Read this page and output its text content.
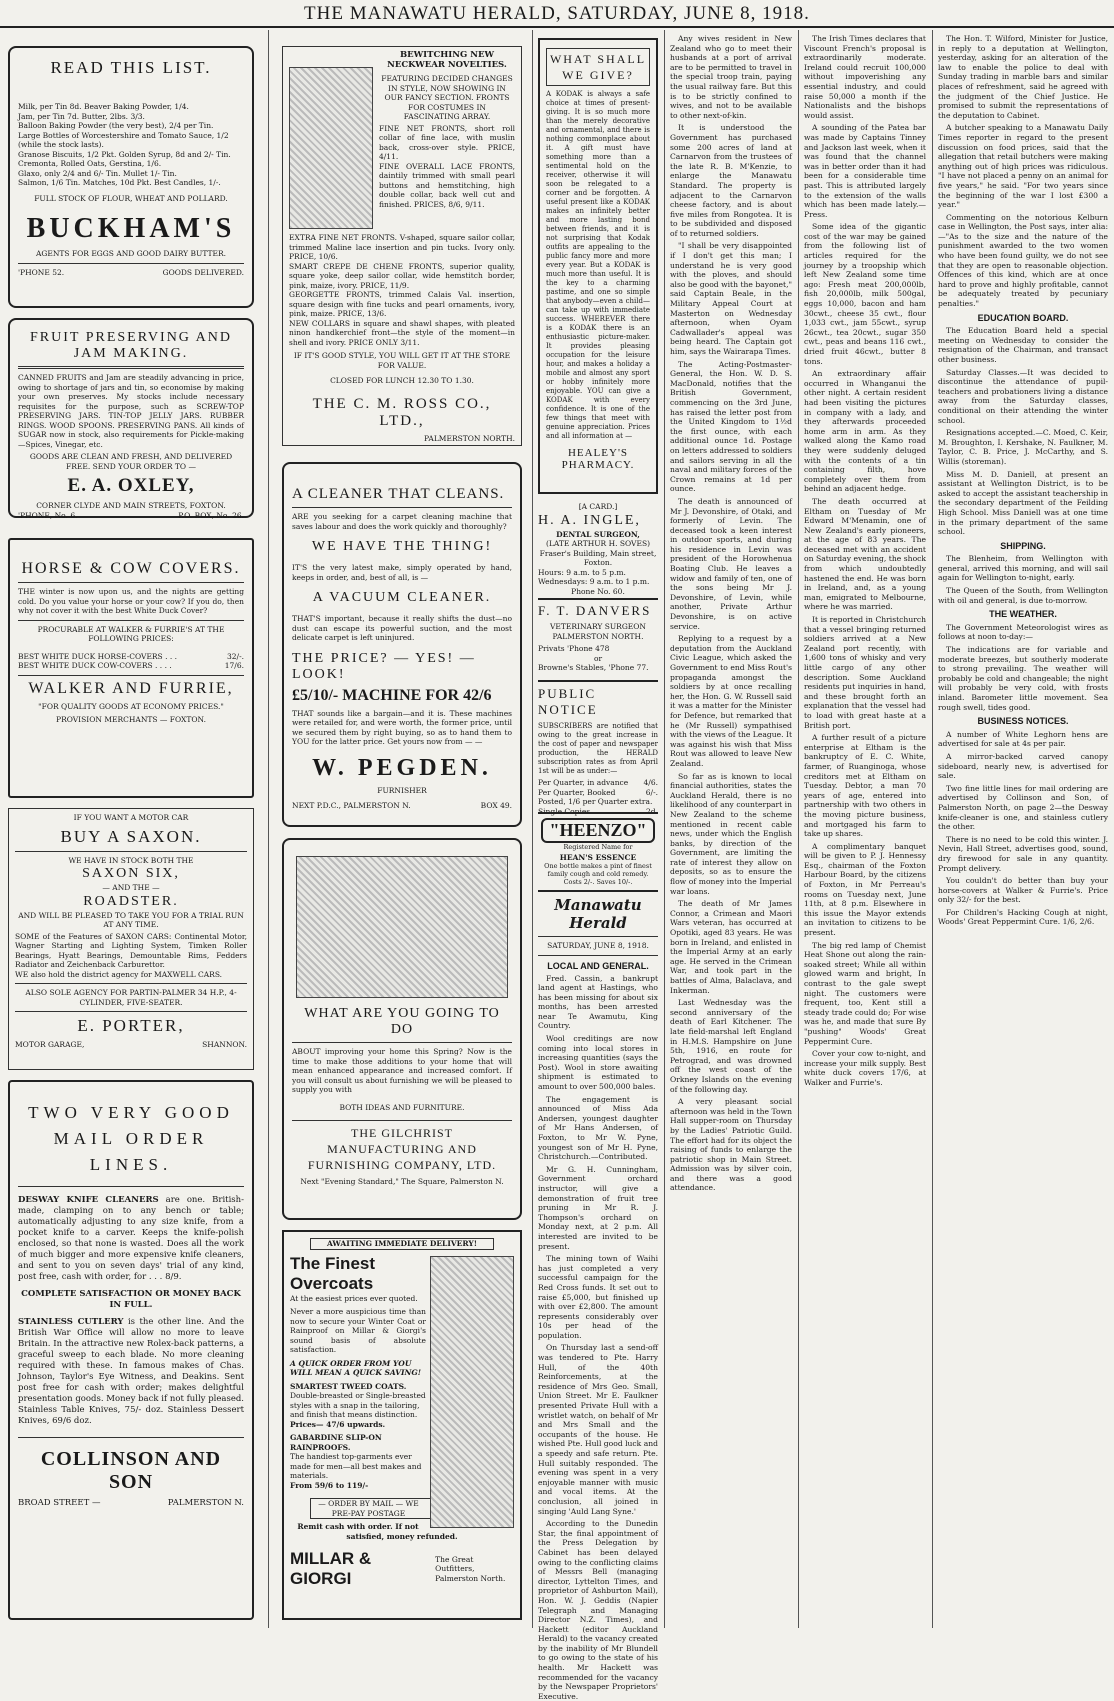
THE MANAWATU HERALD, SATURDAY, JUNE 8, 1918.
READ THIS LIST.
Milk, per Tin 8d. Beaver Baking Powder, 1/4.
Jam, per Tin 7d. Butter, 2lbs. 3/3.
Balloon Baking Powder (the very best), 2/4 per Tin.
Large Bottles of Worcestershire and Tomato Sauce, 1/2 (while the stock lasts).
Granose Biscuits, 1/2 Pkt. Golden Syrup, 8d and 2/- Tin.
Cremonta, Rolled Oats, Gerstina, 1/6.
Glaxo, only 2/4 and 6/- Tin. Mullet 1/- Tin.
Salmon, 1/6 Tin. Matches, 10d Pkt. Best Candles, 1/-.
FULL STOCK OF FLOUR, WHEAT AND POLLARD.
BUCKHAM'S
AGENTS FOR EGGS AND GOOD DAIRY BUTTER.
'PHONE 52.	GOODS DELIVERED.
FRUIT PRESERVING AND JAM MAKING.
CANNED FRUITS and Jam are steadily advancing in price, owing to shortage of jars and tin, so economise by making your own preserves. My stocks include necessary requisites for the purpose, such as SCREW-TOP PRESERVING JARS. TIN-TOP JELLY JARS. RUBBER RINGS. WOOD SPOONS. PRESERVING PANS. All kinds of SUGAR now in stock, also requirements for Pickle-making—Spices, Vinegar, etc.
GOODS ARE CLEAN AND FRESH, AND DELIVERED FREE. SEND YOUR ORDER TO —
E. A. OXLEY,
CORNER CLYDE AND MAIN STREETS, FOXTON.
'PHONE, No. 6.	P.O. BOX, No. 26.
HORSE & COW COVERS.
THE winter is now upon us, and the nights are getting cold. Do you value your horse or your cow? If you do, then why not cover it with the best White Duck Cover?
PROCURABLE AT WALKER & FURRIE'S AT THE FOLLOWING PRICES:
BEST WHITE DUCK HORSE-COVERS . . .	32/-.
BEST WHITE DUCK COW-COVERS . . . .	17/6.
WALKER AND FURRIE,
"FOR QUALITY GOODS AT ECONOMY PRICES."
PROVISION MERCHANTS — FOXTON.
IF YOU WANT A MOTOR CAR
BUY A SAXON.
WE HAVE IN STOCK BOTH THE
SAXON SIX,
— AND THE —
ROADSTER.
AND WILL BE PLEASED TO TAKE YOU FOR A TRIAL RUN AT ANY TIME.
SOME of the Features of SAXON CARS: Continental Motor, Wagner Starting and Lighting System, Timken Roller Bearings, Hyatt Bearings, Demountable Rims, Fedders Radiator and Zeichenback Carburettor.
WE also hold the district agency for MAXWELL CARS.
ALSO SOLE AGENCY FOR PARTIN-PALMER 34 H.P., 4-CYLINDER, FIVE-SEATER.
E. PORTER,
MOTOR GARAGE,	SHANNON.
TWO VERY GOOD MAIL ORDER LINES.
DESWAY KNIFE CLEANERS are one. British-made, clamping on to any bench or table; automatically adjusting to any size knife, from a pocket knife to a carver. Keeps the knife-polish enclosed, so that none is wasted. Does all the work of much bigger and more expensive knife cleaners, and sent to you on seven days' trial of any kind, post free, cash with order, for . . . 8/9.
COMPLETE SATISFACTION OR MONEY BACK IN FULL.
STAINLESS CUTLERY is the other line. And the British War Office will allow no more to leave Britain. In the attractive new Rolex-back patterns, a graceful sweep to each blade. No more cleaning required with these. In famous makes of Chas. Johnson, Taylor's Eye Witness, and Deakins. Sent post free for cash with order; makes delightful presentation goods. Money back if not fully pleased. Stainless Table Knives, 75/- doz. Stainless Dessert Knives, 69/6 doz.
COLLINSON AND SON
BROAD STREET —	PALMERSTON N.
BEWITCHING NEW NECKWEAR NOVELTIES.
FEATURING DECIDED CHANGES IN STYLE, NOW SHOWING IN OUR FANCY SECTION. FRONTS FOR COSTUMES IN FASCINATING ARRAY.
FINE NET FRONTS, short roll collar of fine lace, with muslin back, cross-over style. PRICE, 4/11.
FINE OVERALL LACE FRONTS, daintily trimmed with small pearl buttons and hemstitching, high double collar, back well cut and finished. PRICES, 8/6, 9/11.
EXTRA FINE NET FRONTS. V-shaped, square sailor collar, trimmed Maline lace insertion and pin tucks. Ivory only. PRICE, 10/6.
SMART CREPE DE CHENE FRONTS, superior quality, square yoke, deep sailor collar, wide hemstitch border, pink, maize, ivory. PRICE, 11/9.
GEORGETTE FRONTS, trimmed Calais Val. insertion, square design with fine tucks and pearl ornaments, ivory, pink, maize. PRICE, 13/6.
NEW COLLARS in square and shawl shapes, with pleated ninon handkerchief front—the style of the moment—in shell and ivory. PRICE ONLY 3/11.
IF IT'S GOOD STYLE, YOU WILL GET IT AT THE STORE FOR VALUE.
CLOSED FOR LUNCH 12.30 TO 1.30.
THE C. M. ROSS CO., LTD.,
PALMERSTON NORTH.
A CLEANER THAT CLEANS.
ARE you seeking for a carpet cleaning machine that saves labour and does the work quickly and thoroughly?
WE HAVE THE THING!
IT'S the very latest make, simply operated by hand, keeps in order, and, best of all, is —
A VACUUM CLEANER.
THAT'S important, because it really shifts the dust—no dust can escape its powerful suction, and the most delicate carpet is left uninjured.
THE PRICE? — YES! — LOOK!
£5/10/- MACHINE FOR 42/6
THAT sounds like a bargain—and it is. These machines were retailed for, and were worth, the former price, until we secured them by right buying, so as to hand them to YOU for the latter price. Get yours now from — —
W. PEGDEN.
FURNISHER
NEXT P.D.C., PALMERSTON N.	BOX 49.
WHAT ARE YOU GOING TO DO
ABOUT improving your home this Spring? Now is the time to make those additions to your home that will mean enhanced appearance and increased comfort. If you will consult us about furnishing we will be pleased to supply you with
BOTH IDEAS AND FURNITURE.
THE GILCHRIST MANUFACTURING AND FURNISHING COMPANY, LTD.
Next "Evening Standard," The Square, Palmerston N.
AWAITING IMMEDIATE DELIVERY!
The Finest Overcoats
At the easiest prices ever quoted.
Never a more auspicious time than now to secure your Winter Coat or Rainproof on Millar & Giorgi's sound basis of absolute satisfaction.
A QUICK ORDER FROM YOU WILL MEAN A QUICK SAVING!
SMARTEST TWEED COATS.
Double-breasted or Single-breasted styles with a snap in the tailoring, and finish that means distinction.
Prices— 47/6 upwards.
GABARDINE SLIP-ON RAINPROOFS.
The handiest top-garments ever made for men—all best makes and materials.
From 59/6 to 119/-
— ORDER BY MAIL — WE PRE-PAY POSTAGE
Remit cash with order. If not satisfied, money refunded.
MILLAR & GIORGI
The Great Outfitters, Palmerston North.
WHAT SHALL WE GIVE?
A KODAK is always a safe choice at times of present-giving. It is so much more than the merely decorative and ornamental, and there is nothing commonplace about it. A gift must have something more than a sentimental hold on the receiver, otherwise it will soon be relegated to a corner and be forgotten. A useful present like a KODAK makes an infinitely better and more lasting bond between friends, and it is not surprising that Kodak outfits are appealing to the public fancy more and more every year. But a KODAK is much more than useful. It is the key to a charming pastime, and one so simple that anybody—even a child—can take up with immediate success. WHEREVER there is a KODAK there is an enthusiastic picture-maker. It provides pleasing occupation for the leisure hour, and makes a holiday a mobile and almost any sport or hobby infinitely more enjoyable. YOU can give a KODAK with every confidence. It is one of the few things that meet with genuine appreciation. Prices and all information at —
HEALEY'S PHARMACY.
[A CARD.]
H. A. INGLE,
DENTAL SURGEON,
(LATE ARTHUR H. SOVES)
Fraser's Building, Main street, Foxton.
Hours: 9 a.m. to 5 p.m. Wednesdays: 9 a.m. to 1 p.m.
Phone No. 60.
F. T. DANVERS
VETERINARY SURGEON
PALMERSTON NORTH.
Privats 'Phone 478
or
Browne's Stables, 'Phone 77.
PUBLIC NOTICE
SUBSCRIBERS are notified that owing to the great increase in the cost of paper and newspaper production, the HERALD subscription rates as from April 1st will be as under:—
Per Quarter, in advance 4/6.
Per Quarter, Booked	6/-.
Posted, 1/6 per Quarter extra.
Single Copies	2d.
"HEENZO"
Registered Name for
HEAN'S ESSENCE
One bottle makes a pint of finest family cough and cold remedy. Costs 2/-. Saves 10/-.
Manawatu Herald
SATURDAY, JUNE 8, 1918.
LOCAL AND GENERAL.

Fred. Cassin, a bankrupt land agent at Hastings, who has been missing for about six months, has been arrested near Te Awamutu, King Country.

Wool creditings are now coming into local stores in increasing quantities (says the Post). Wool in store awaiting shipment is estimated to amount to over 500,000 bales.

The engagement is announced of Miss Ada Andersen, youngest daughter of Mr Hans Andersen, of Foxton, to Mr W. Pyne, youngest son of Mr H. Pyne, Christchurch.—Contributed.

Mr G. H. Cunningham, Government orchard instructor, will give a demonstration of fruit tree pruning in Mr R. J. Thompson's orchard on Monday next, at 2 p.m. All interested are invited to be present.

The mining town of Waihi has just completed a very successful campaign for the Red Cross funds. It set out to raise £5,000, but finished up with over £2,800. The amount represents considerably over 10s per head of the population.

On Thursday last a send-off was tendered to Pte. Harry Hull, of the 40th Reinforcements, at the residence of Mrs Geo. Small, Union Street. Mr E. Faulkner presented Private Hull with a wristlet watch, on behalf of Mr and Mrs Small and the occupants of the house. He wished Pte. Hull good luck and a speedy and safe return. Pte. Hull suitably responded. The evening was spent in a very enjoyable manner with music and vocal items. At the conclusion, all joined in singing 'Auld Lang Syne.'

According to the Dunedin Star, the final appointment of the Press Delegation by Cabinet has been delayed owing to the conflicting claims of Messrs Bell (managing director, Lyttelton Times, and proprietor of Ashburton Mail), Hon. W. J. Geddis (Napier Telegraph and Managing Director N.Z. Times), and Hackett (editor Auckland Herald) to the vacancy created by the inability of Mr Blundell to go owing to the state of his health. Mr Hackett was recommended for the vacancy by the Newspaper Proprietors' Executive.

Any wives resident in New Zealand who go to meet their husbands at a port of arrival are to be permitted to travel in the special troop train, paying the usual railway fare. But this is to be strictly confined to wives, and not to be available to other next-of-kin.

It is understood the Government has purchased some 200 acres of land at Carnarvon from the trustees of the late R. B. M'Kenzie, to enlarge the Manawatu Standard. The property is adjacent to the Carnarvon cheese factory, and is about five miles from Rongotea. It is to be subdivided and disposed of to returned soldiers.

"I shall be very disappointed if I don't get this man; I understand he is very good with the ploves, and should also be good with the bayonet," said Captain Beale, in the Military Appeal Court at Masterton on Wednesday afternoon, when Oyam Cadwallader's appeal was being heard. The Captain got him, says the Wairarapa Times.

The Acting-Postmaster-General, the Hon. W. D. S. MacDonald, notifies that the British Government, commencing on the 3rd June, has raised the letter post from the United Kingdom to 1½d the first ounce, with each additional ounce 1d. Postage on letters addressed to soldiers and sailors serving in all the naval and military forces of the Crown remains at 1d per ounce.

The death is announced of Mr J. Devonshire, of Otaki, and formerly of Levin. The deceased took a keen interest in outdoor sports, and during his residence in Levin was president of the Horowhenua Boating Club. He leaves a widow and family of ten, one of the sons being Mr J. Devonshire, of Levin, while another, Private Arthur Devonshire, is on active service.

Replying to a request by a deputation from the Auckland Civic League, which asked the Government to end Miss Rout's propaganda amongst the soldiers by at once recalling her, the Hon. G. W. Russell said it was a matter for the Minister for Defence, but remarked that he (Mr Russell) sympathised with the views of the League. It was against his wish that Miss Rout was allowed to leave New Zealand.

So far as is known to local financial authorities, states the Auckland Herald, there is no likelihood of any counterpart in New Zealand to the scheme mentioned in recent cable news, under which the English banks, by direction of the Government, are limiting the rate of interest they allow on deposits, so as to ensure the flow of money into the Imperial war loans.

The death of Mr James Connor, a Crimean and Maori Wars veteran, has occurred at Opotiki, aged 83 years. He was born in Ireland, and enlisted in the Imperial Army at an early age. He served in the Crimean War, and took part in the battles of Alma, Balaclava, and Inkerman.

Last Wednesday was the second anniversary of the death of Earl Kitchener. The late field-marshal left England in H.M.S. Hampshire on June 5th, 1916, en route for Petrograd, and was drowned off the west coast of the Orkney Islands on the evening of the following day.

A very pleasant social afternoon was held in the Town Hall supper-room on Thursday by the Ladies' Patriotic Guild. The effort had for its object the raising of funds to enlarge the patriotic shop in Main Street. Admission was by silver coin, and there was a good attendance.

The Irish Times declares that Viscount French's proposal is extraordinarily moderate. Ireland could recruit 100,000 without impoverishing any essential industry, and could raise 50,000 a month if the Nationalists and the bishops would assist.

A sounding of the Patea bar was made by Captains Tinney and Jackson last week, when it was found that the channel was in better order than it had been for a considerable time past. This is attributed largely to the extension of the walls which has been made lately.—Press.

Some idea of the gigantic cost of the war may be gained from the following list of articles required for the journey by a troopship which left New Zealand some time ago: Fresh meat 200,000lb, fish 20,000lb, milk 500gal, eggs 10,000, bacon and ham 30cwt., cheese 35 cwt., flour 1,033 cwt., jam 55cwt., syrup 26cwt., tea 20cwt., sugar 350 cwt., peas and beans 116 cwt., dried fruit 46cwt., butter 8 tons.

An extraordinary affair occurred in Whanganui the other night. A certain resident had been visiting the pictures in company with a lady, and they afterwards proceeded home arm in arm. As they walked along the Kamo road they were suddenly deluged with the contents of a tin containing filth, hove completely over them from behind an adjacent hedge.

The death occurred at Eltham on Tuesday of Mr Edward M'Menamin, one of New Zealand's early pioneers, at the age of 83 years. The deceased met with an accident on Saturday evening, the shock from which undoubtedly hastened the end. He was born in Ireland, and, as a young man, emigrated to Melbourne, where he was married.

It is reported in Christchurch that a vessel bringing returned soldiers arrived at a New Zealand port recently, with 1,600 tons of whisky and very little cargo of any other description. Some Auckland residents put inquiries in hand, and these brought forth an explanation that the vessel had to load with great haste at a British port.

A further result of a picture enterprise at Eltham is the bankruptcy of E. C. White, farmer, of Ruanginoga, whose creditors met at Eltham on Tuesday. Debtor, a man 70 years of age, entered into partnership with two others in the moving picture business, and mortgaged his farm to take up shares.

A complimentary banquet will be given to P. J. Hennessy Esq., chairman of the Foxton Harbour Board, by the citizens of Foxton, in Mr Perreau's rooms on Tuesday next, June 11th, at 8 p.m. Elsewhere in this issue the Mayor extends an invitation to citizens to be present.

The big red lamp of Chemist Heat Shone out along the rain-soaked street; While all within glowed warm and bright, In contrast to the gale swept night. The customers were frequent, too, Kent still a steady trade could do; For wise was he, and made that sure By "pushing" Woods' Great Peppermint Cure.

Cover your cow to-night, and increase your milk supply. Best white duck covers 17/6, at Walker and Furrie's.

The Hon. T. Wilford, Minister for Justice, in reply to a deputation at Wellington, yesterday, asking for an alteration of the law to enable the police to deal with Sunday trading in marble bars and similar places of refreshment, said he agreed with the judgment of the Chief Justice. He promised to submit the representations of the deputation to Cabinet.

A butcher speaking to a Manawatu Daily Times reporter in regard to the present discussion on food prices, said that the allegation that retail butchers were making anything out of high prices was ridiculous. "I have not placed a penny on an animal for five years," he said. "For two years since the beginning of the war I lost £300 a year."

Commenting on the notorious Kelburn case in Wellington, the Post says, inter alia:—"As to the size and the nature of the punishment awarded to the two women who have been found guilty, we do not see that they are open to reasonable objection. Offences of this kind, which are at once hard to prove and highly profitable, cannot be adequately treated by pecuniary penalties."

EDUCATION BOARD.

The Education Board held a special meeting on Wednesday to consider the resignation of the Chairman, and transact other business.

Saturday Classes.—It was decided to discontinue the attendance of pupil-teachers and probationers living a distance away from the Saturday classes, conditional on their attending the winter school.

Resignations accepted.—C. Moed, C. Keir, M. Broughton, I. Kershake, N. Faulkner, M. Taylor, C. B. Price, J. McCarthy, and S. Willis (storeman).

Miss M. D. Daniell, at present an assistant at Wellington District, is to be asked to accept the assistant teachership in the secondary department of the Feilding High School. Miss Daniell was at one time in the primary department of the same school.

SHIPPING.

The Blenheim, from Wellington with general, arrived this morning, and will sail again for Wellington to-night, early.

The Queen of the South, from Wellington with oil and general, is due to-morrow.

THE WEATHER.

The Government Meteorologist wires as follows at noon to-day:—

The indications are for variable and moderate breezes, but southerly moderate to strong prevailing. The weather will probably be cold and changeable; the night will probably be very cold, with frosts inland. Barometer little movement. Sea rough swell, tides good.

BUSINESS NOTICES.

A number of White Leghorn hens are advertised for sale at 4s per pair.

A mirror-backed carved canopy sideboard, nearly new, is advertised for sale.

Two fine little lines for mail ordering are advertised by Collinson and Son, of Palmerston North, on page 2—the Desway knife-cleaner is one, and stainless cutlery the other.

There is no need to be cold this winter. J. Nevin, Hall Street, advertises good, sound, dry firewood for sale in any quantity. Prompt delivery.

You couldn't do better than buy your horse-covers at Walker & Furrie's. Price only 32/- for the best.

For Children's Hacking Cough at night, Woods' Great Peppermint Cure. 1/6, 2/6.
